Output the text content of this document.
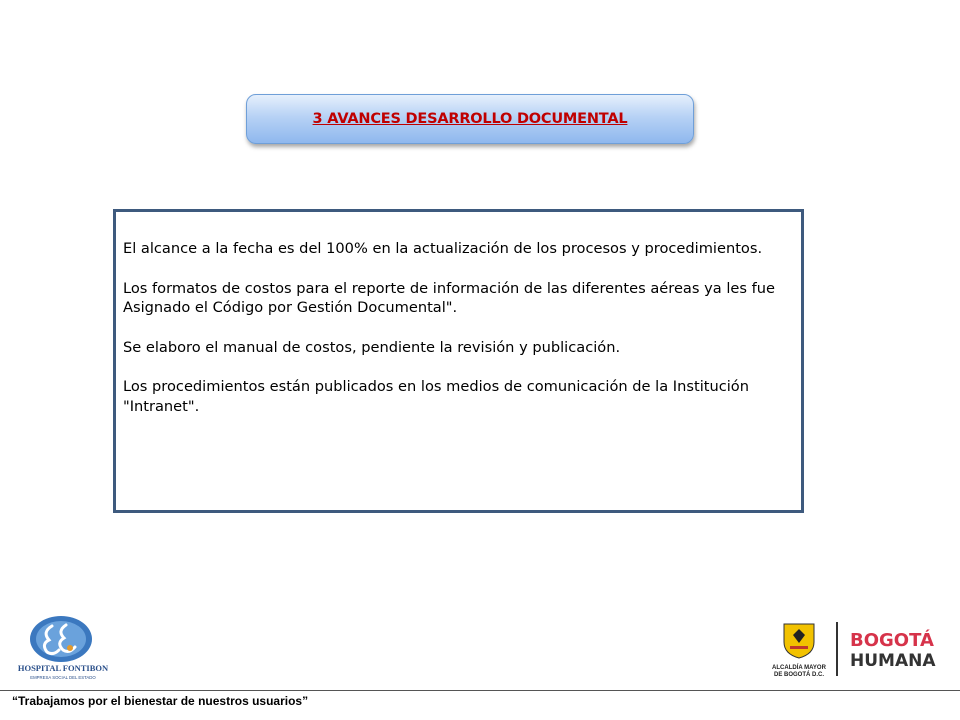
3 AVANCES DESARROLLO DOCUMENTAL

El alcance a la fecha es del 100% en la actualización de los procesos y procedimientos.

Los formatos de costos para el reporte de información de las diferentes aéreas ya les fue Asignado el Código por Gestión Documental".

Se elaboro el manual de costos, pendiente la revisión y publicación.

Los procedimientos están publicados en los medios de comunicación de la Institución "Intranet".

HOSPITAL FONTIBON
EMPRESA SOCIAL DEL ESTADO
ALCALDÍA MAYOR
DE BOGOTÁ D.C.
BOGOTÁ
HUMANA
“Trabajamos por el bienestar de nuestros usuarios”
